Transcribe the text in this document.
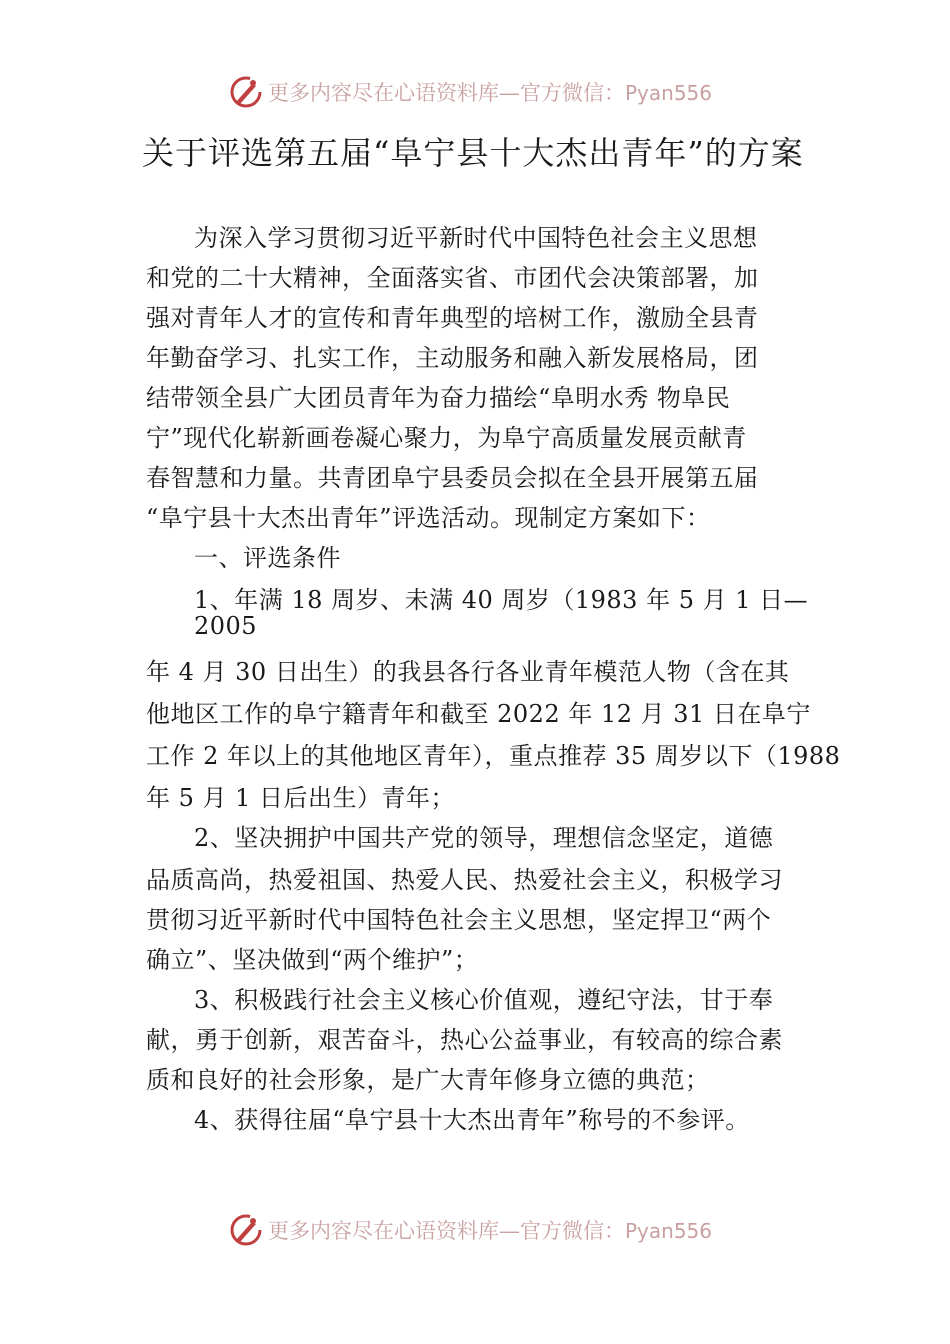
更多内容尽在心语资料库—官方微信：Pyan556
关于评选第五届“阜宁县十大杰出青年”的方案
为深入学习贯彻习近平新时代中国特色社会主义思想
和党的二十大精神，全面落实省、市团代会决策部署，加
强对青年人才的宣传和青年典型的培树工作，激励全县青
年勤奋学习、扎实工作，主动服务和融入新发展格局，团
结带领全县广大团员青年为奋力描绘“阜明水秀 物阜民
宁”现代化崭新画卷凝心聚力，为阜宁高质量发展贡献青
春智慧和力量。共青团阜宁县委员会拟在全县开展第五届
“阜宁县十大杰出青年”评选活动。现制定方案如下：
一、评选条件
1、年满 18 周岁、未满 40 周岁（1983 年 5 月 1 日—
2005
年 4 月 30 日出生）的我县各行各业青年模范人物（含在其
他地区工作的阜宁籍青年和截至 2022 年 12 月 31 日在阜宁
工作 2 年以上的其他地区青年），重点推荐 35 周岁以下（1988
年 5 月 1 日后出生）青年；
2、坚决拥护中国共产党的领导，理想信念坚定，道德
品质高尚，热爱祖国、热爱人民、热爱社会主义，积极学习
贯彻习近平新时代中国特色社会主义思想，坚定捍卫“两个
确立”、坚决做到“两个维护”；
3、积极践行社会主义核心价值观，遵纪守法，甘于奉
献，勇于创新，艰苦奋斗，热心公益事业，有较高的综合素
质和良好的社会形象，是广大青年修身立德的典范；
4、获得往届“阜宁县十大杰出青年”称号的不参评。
更多内容尽在心语资料库—官方微信：Pyan556
